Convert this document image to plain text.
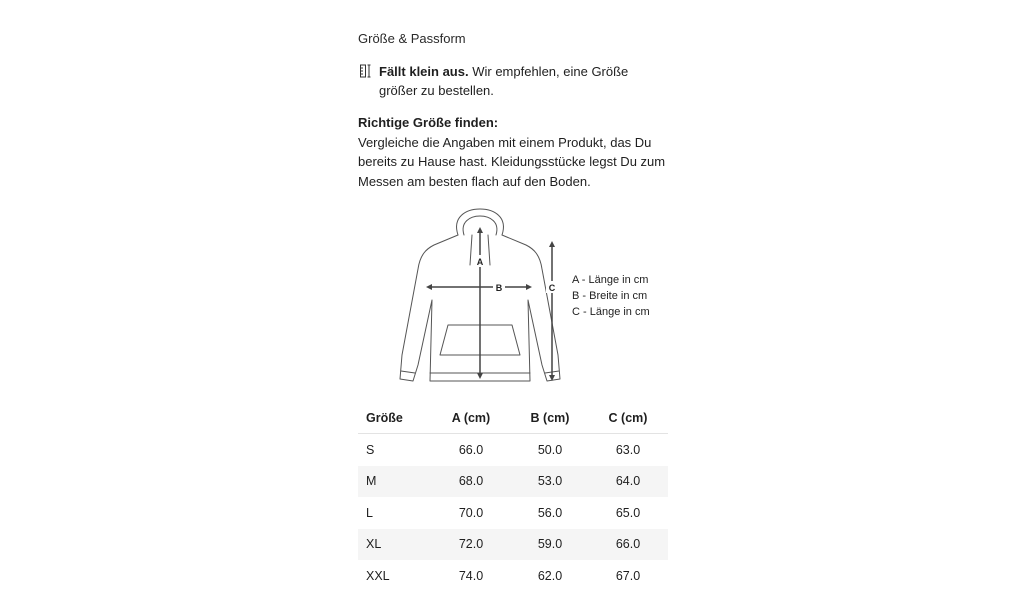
Größe & Passform
Fällt klein aus. Wir empfehlen, eine Größe größer zu bestellen.
Richtige Größe finden:
Vergleiche die Angaben mit einem Produkt, das Du bereits zu Hause hast. Kleidungsstücke legst Du zum Messen am besten flach auf den Boden.
A
B	C
A - Länge in cm
B - Breite in cm
C - Länge in cm
Größe	A (cm)	B (cm)	C (cm)
S	66.0	50.0	63.0
M	68.0	53.0	64.0
L	70.0	56.0	65.0
XL	72.0	59.0	66.0
XXL	74.0	62.0	67.0
